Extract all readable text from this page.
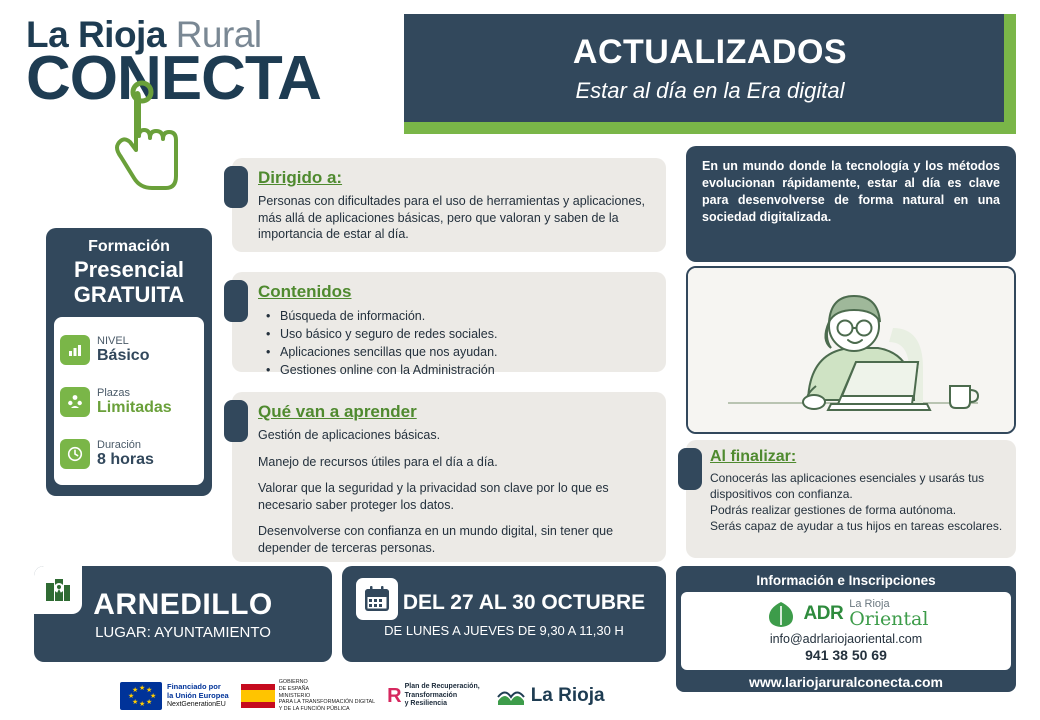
La Rioja Rural
CONECTA	ACTUALIZADOS
Estar al día en la Era digital
Formación
Presencial
GRATUITA
NIVEL
Básico
Plazas
Limitadas
Duración
8 horas
Dirigido a:

Personas con dificultades para el uso de herramientas y aplicaciones, más allá de aplicaciones básicas, pero que valoran y saben de la importancia de estar al día.

Contenidos
• Búsqueda de información.
• Uso básico y seguro de redes sociales.
• Aplicaciones sencillas que nos ayudan.
• Gestiones online con la Administración
Qué van a aprender

Gestión de aplicaciones básicas.

Manejo de recursos útiles para el día a día.

Valorar que la seguridad y la privacidad son clave por lo que es necesario saber proteger los datos.

Desenvolverse con confianza en un mundo digital, sin tener que depender de terceras personas.

En un mundo donde la tecnología y los métodos evolucionan rápidamente, estar al día es clave para desenvolverse de forma natural en una sociedad digitalizada.
Al finalizar:

Conocerás las aplicaciones esenciales y usarás tus dispositivos con confianza.

Podrás realizar gestiones de forma autónoma.

Serás capaz de ayudar a tus hijos en tareas escolares.

ARNEDILLO
LUGAR: AYUNTAMIENTO
DEL 27 AL 30 OCTUBRE
DE LUNES A JUEVES DE 9,30 A 11,30 H
Información e Inscripciones
ADR La Rioja
Oriental
info@adrlariojaoriental.com
941 38 50 69
www.lariojaruralconecta.com
★ ★
★
★
★
★
★
★	Financiado por
la Unión Europea
NextGenerationEU
GOBIERNO
DE ESPAÑA
MINISTERIO
PARA LA TRANSFORMACIÓN DIGITAL
Y DE LA FUNCIÓN PÚBLICA
R Plan de Recuperación,
Transformación
y Resiliencia	La Rioja
